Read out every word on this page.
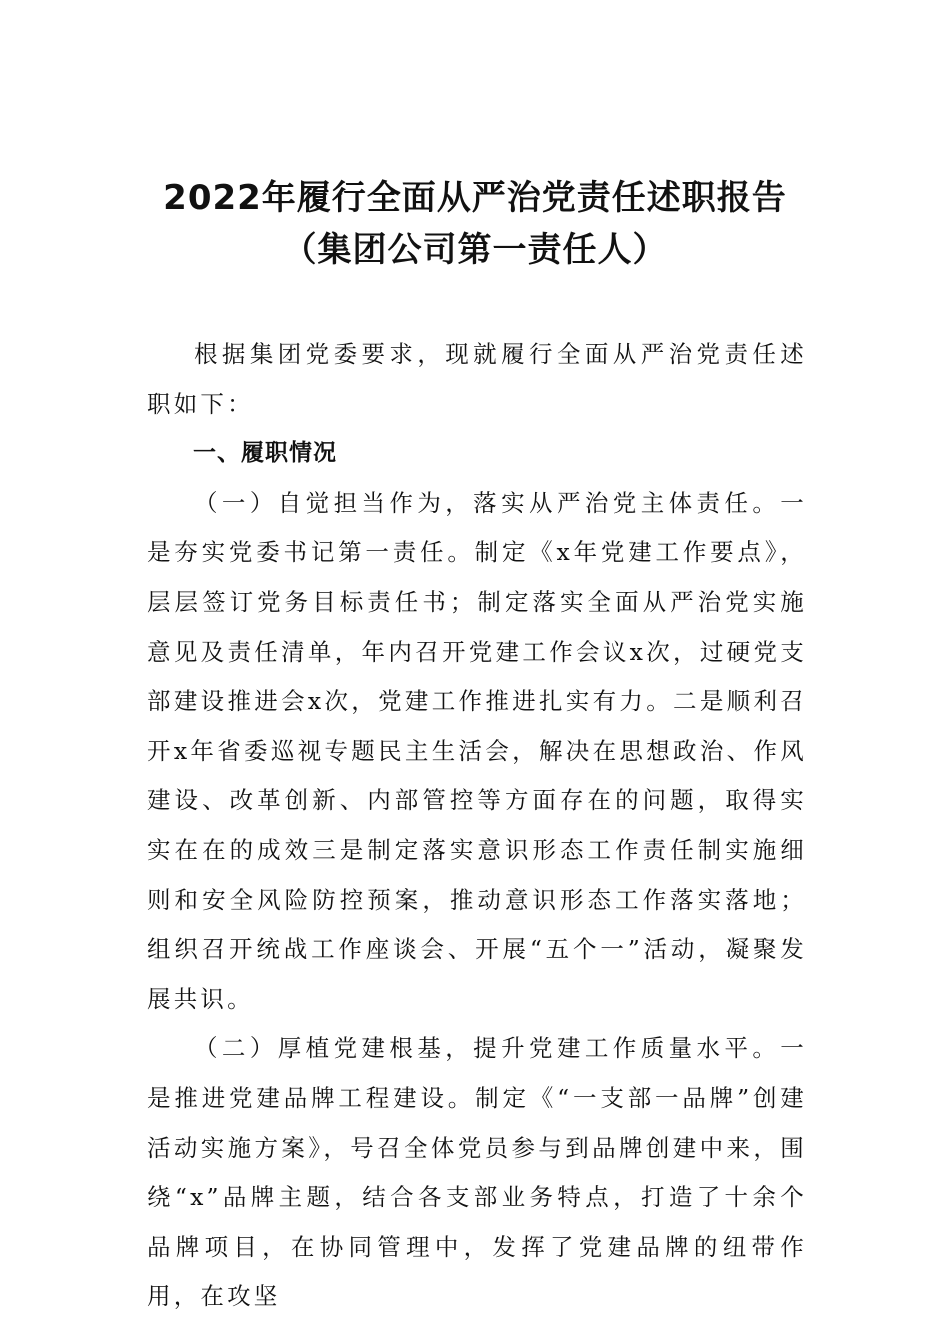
2022年履行全面从严治党责任述职报告
（集团公司第一责任人）

根据集团党委要求，现就履行全面从严治党责任述职如下：

一、履职情况

（一）自觉担当作为，落实从严治党主体责任。一是夯实党委书记第一责任。制定《x年党建工作要点》，层层签订党务目标责任书；制定落实全面从严治党实施意见及责任清单，年内召开党建工作会议x次，过硬党支部建设推进会x次，党建工作推进扎实有力。二是顺利召开x年省委巡视专题民主生活会，解决在思想政治、作风建设、改革创新、内部管控等方面存在的问题，取得实实在在的成效三是制定落实意识形态工作责任制实施细则和安全风险防控预案，推动意识形态工作落实落地；组织召开统战工作座谈会、开展“五个一”活动，凝聚发展共识。

（二）厚植党建根基，提升党建工作质量水平。一是推进党建品牌工程建设。制定《“一支部一品牌”创建活动实施方案》，号召全体党员参与到品牌创建中来，围绕“x”品牌主题，结合各支部业务特点，打造了十余个品牌项目，在协同管理中，发挥了党建品牌的纽带作用，在攻坚
